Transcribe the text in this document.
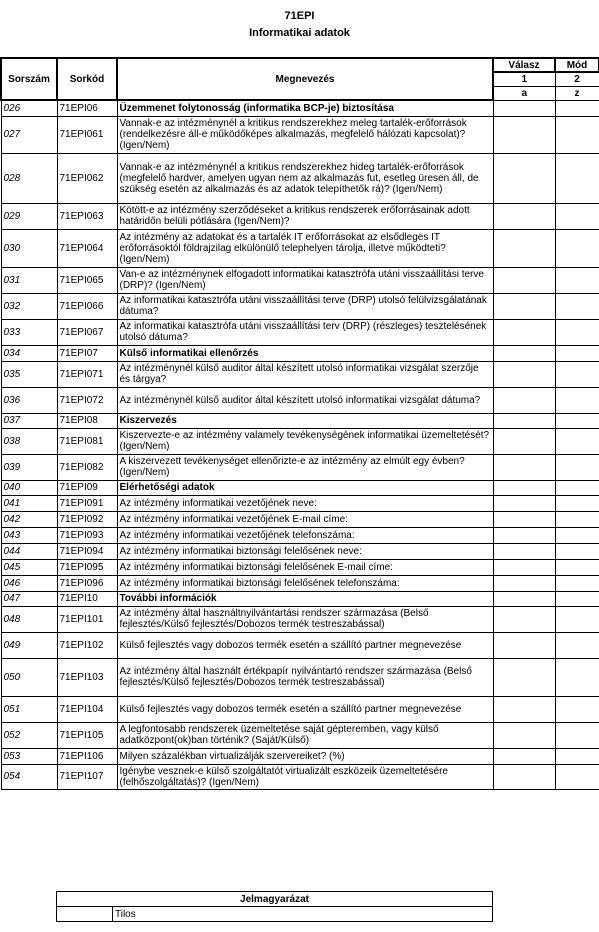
71EPI
Informatikai adatok
Sorszám	Sorkód	Megnevezés	Válasz	Mód
			1	2
			a	z
026	71EPI06	Üzemmenet folytonosság (informatika BCP-je) biztosítása		
027	71EPI061	Vannak-e az intézménynél a kritikus rendszerekhez meleg tartalék-erőforrások (rendelkezésre áll-e működőképes alkalmazás, megfelelő hálózati kapcsolat)? (Igen/Nem)		
028	71EPI062	Vannak-e az intézménynél a kritikus rendszerekhez hideg tartalék-erőforrások (megfelelő hardver, amelyen ugyan nem az alkalmazás fut, esetleg üresen áll, de szükség esetén az alkalmazás és az adatok telepíthetők rá)? (Igen/Nem)		
029	71EPI063	Kötött-e az intézmény szerződéseket a kritikus rendszerek erőforrásainak adott határidőn belüli pótlására (Igen/Nem)?		
030	71EPI064	Az intézmény az adatokat és a tartalék IT erőforrásokat az elsődleges IT erőforrásoktól földrajzilag elkülönülő telephelyen tárolja, illetve működteti? (Igen/Nem)		
031	71EPI065	Van-e az intézménynek elfogadott informatikai katasztrófa utáni visszaállítási terve (DRP)? (Igen/Nem)		
032	71EPI066	Az informatikai katasztrófa utáni visszaállítási terve (DRP) utolsó felülvizsgálatának dátuma?		
033	71EPI067	Az informatikai katasztrófa utáni visszaállítási terv (DRP) (részleges) tesztelésének utolsó dátuma?		
034	71EPI07	Külső informatikai ellenőrzés		
035	71EPI071	Az intézménynél külső auditor által készített utolsó informatikai vizsgálat szerzője és tárgya?		
036	71EPI072	Az intézménynél külső auditor által készített utolsó informatikai vizsgálat dátuma?		
037	71EPI08	Kiszervezés		
038	71EPI081	Kiszervezte-e az intézmény valamely tevékenységének informatikai üzemeltetését? (Igen/Nem)		
039	71EPI082	A kiszervezett tevékenységet ellenőrizte-e az intézmény az elmúlt egy évben? (Igen/Nem)		
040	71EPI09	Elérhetőségi adatok		
041	71EPI091	Az intézmény informatikai vezetőjének neve:		
042	71EPI092	Az intézmény informatikai vezetőjének E-mail címe:		
043	71EPI093	Az intézmény informatikai vezetőjének telefonszáma:		
044	71EPI094	Az intézmény informatikai biztonsági felelősének neve:		
045	71EPI095	Az intézmény informatikai biztonsági felelősének E-mail címe:		
046	71EPI096	Az intézmény informatikai biztonsági felelősének telefonszáma:		
047	71EPI10	További információk		
048	71EPI101	Az intézmény által használtnyilvántartási rendszer származása (Belső fejlesztés/Külső fejlesztés/Dobozos termék testreszabással)		
049	71EPI102	Külső fejlesztés vagy dobozos termék esetén a szállító partner megnevezése		
050	71EPI103	Az intézmény által használt értékpapír nyilvántartó rendszer származása (Belső fejlesztés/Külső fejlesztés/Dobozos termék testreszabással)		
051	71EPI104	Külső fejlesztés vagy dobozos termék esetén a szállító partner megnevezése		
052	71EPI105	A legfontosabb rendszerek üzemeltetése saját gépteremben, vagy külső adatközpont(ok)ban történik? (Saját/Külső)		
053	71EPI106	Milyen százalékban virtualizálják szervereiket? (%)		
054	71EPI107	Igénybe vesznek-e külső szolgáltatót virtualizált eszközeik üzemeltetésére (felhőszolgáltatás)? (Igen/Nem)		
Jelmagyarázat
	Tilos
